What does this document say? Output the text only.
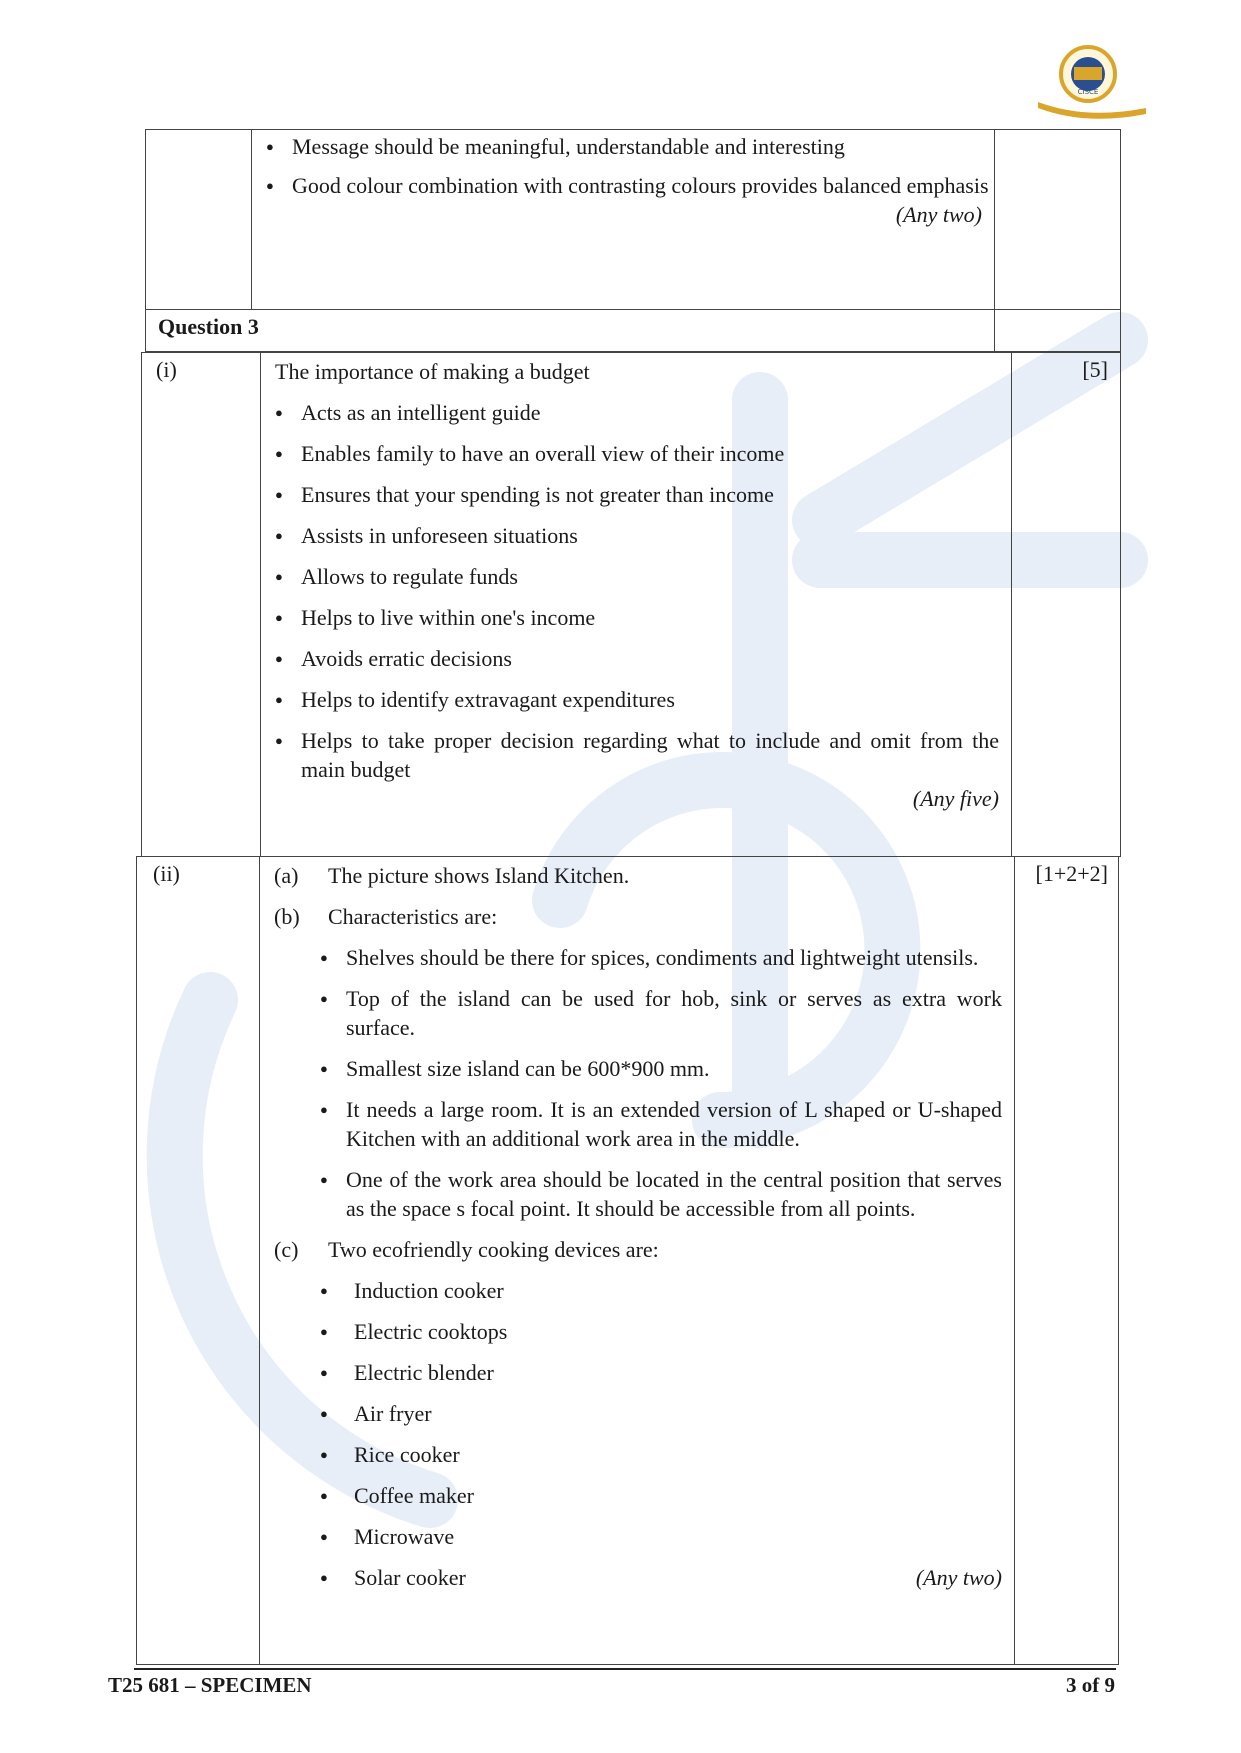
CISCE

	● Message should be meaningful, understandable and interesting

● Good colour combination with contrasting colours provides balanced emphasis

(Any two)

Question 3		
(i)	The importance of making a budget

● Acts as an intelligent guide

● Enables family to have an overall view of their income

● Ensures that your spending is not greater than income

● Assists in unforeseen situations

● Allows to regulate funds

● Helps to live within one's income

● Avoids erratic decisions

● Helps to identify extravagant expenditures

● Helps to take proper decision regarding what to include and omit from the main budget

(Any five)
	[5]
(ii)	(a) The picture shows Island Kitchen.
(b) Characteristics are:

● Shelves should be there for spices, condiments and lightweight utensils.

● Top of the island can be used for hob, sink or serves as extra work surface.

● Smallest size island can be 600*900 mm.

● It needs a large room. It is an extended version of L shaped or U-shaped Kitchen with an additional work area in the middle.

● One of the work area should be located in the central position that serves as the space s focal point. It should be accessible from all points.

(c) Two ecofriendly cooking devices are:

● Induction cooker

● Electric cooktops

● Electric blender

● Air fryer

● Rice cooker

● Coffee maker

● Microwave

● Solar cooker	(Any two)
	[1+2+2]
T25 681 – SPECIMEN	3 of 9
